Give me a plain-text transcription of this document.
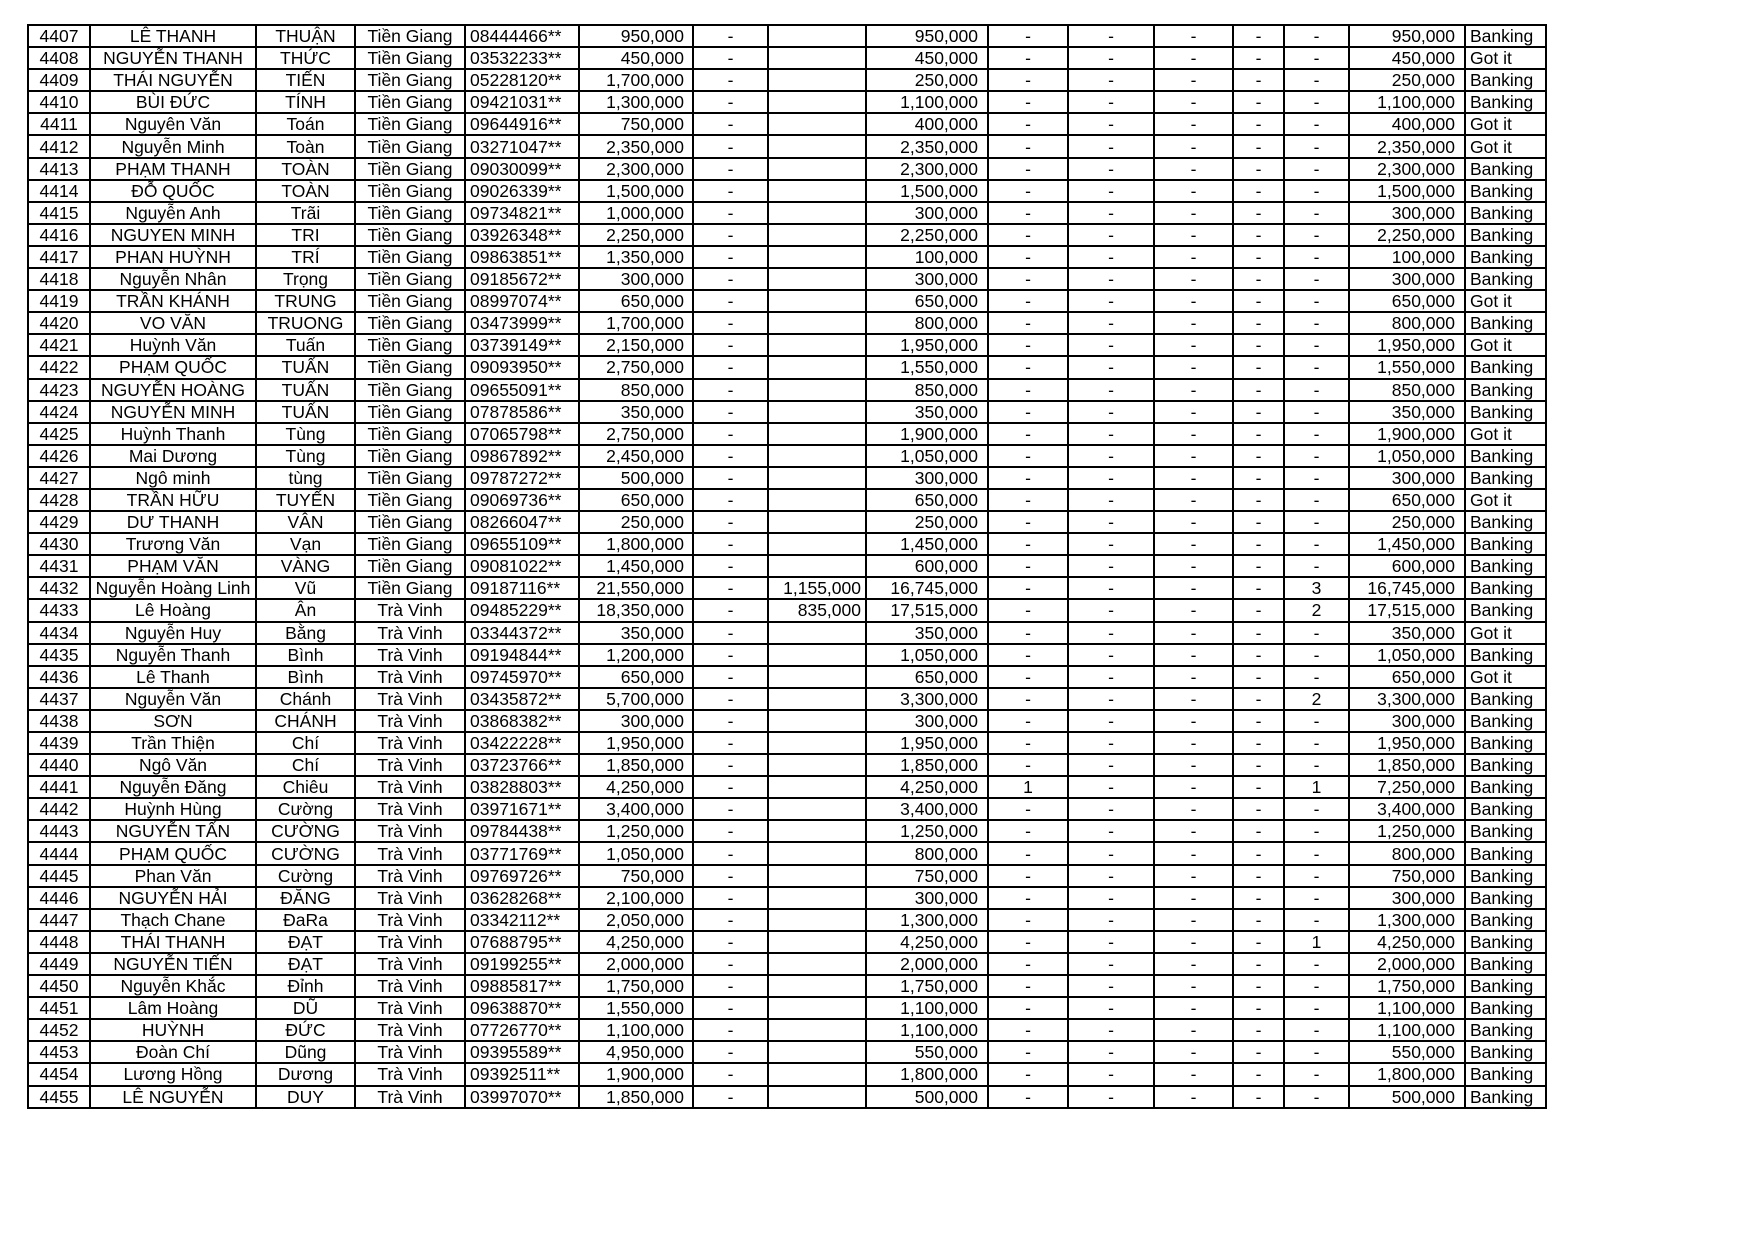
4407	LÊ THANH	THUẬN	Tiền Giang	08444466**	950,000	-		950,000	-	-	-	-	-	950,000	Banking
4408	NGUYỄN THANH	THỨC	Tiền Giang	03532233**	450,000	-		450,000	-	-	-	-	-	450,000	Got it
4409	THÁI NGUYỄN	TIẾN	Tiền Giang	05228120**	1,700,000	-		250,000	-	-	-	-	-	250,000	Banking
4410	BÙI ĐỨC	TÍNH	Tiền Giang	09421031**	1,300,000	-		1,100,000	-	-	-	-	-	1,100,000	Banking
4411	Nguyên Văn	Toán	Tiền Giang	09644916**	750,000	-		400,000	-	-	-	-	-	400,000	Got it
4412	Nguyễn Minh	Toàn	Tiền Giang	03271047**	2,350,000	-		2,350,000	-	-	-	-	-	2,350,000	Got it
4413	PHẠM THANH	TOÀN	Tiền Giang	09030099**	2,300,000	-		2,300,000	-	-	-	-	-	2,300,000	Banking
4414	ĐỖ QUỐC	TOÀN	Tiền Giang	09026339**	1,500,000	-		1,500,000	-	-	-	-	-	1,500,000	Banking
4415	Nguyễn Anh	Trãi	Tiền Giang	09734821**	1,000,000	-		300,000	-	-	-	-	-	300,000	Banking
4416	NGUYEN MINH	TRI	Tiền Giang	03926348**	2,250,000	-		2,250,000	-	-	-	-	-	2,250,000	Banking
4417	PHAN HUỲNH	TRÍ	Tiền Giang	09863851**	1,350,000	-		100,000	-	-	-	-	-	100,000	Banking
4418	Nguyễn Nhân	Trọng	Tiền Giang	09185672**	300,000	-		300,000	-	-	-	-	-	300,000	Banking
4419	TRẦN KHÁNH	TRUNG	Tiền Giang	08997074**	650,000	-		650,000	-	-	-	-	-	650,000	Got it
4420	VO VĂN	TRUONG	Tiền Giang	03473999**	1,700,000	-		800,000	-	-	-	-	-	800,000	Banking
4421	Huỳnh Văn	Tuấn	Tiền Giang	03739149**	2,150,000	-		1,950,000	-	-	-	-	-	1,950,000	Got it
4422	PHẠM QUỐC	TUẤN	Tiền Giang	09093950**	2,750,000	-		1,550,000	-	-	-	-	-	1,550,000	Banking
4423	NGUYỄN HOÀNG	TUẤN	Tiền Giang	09655091**	850,000	-		850,000	-	-	-	-	-	850,000	Banking
4424	NGUYỄN MINH	TUẤN	Tiền Giang	07878586**	350,000	-		350,000	-	-	-	-	-	350,000	Banking
4425	Huỳnh Thanh	Tùng	Tiền Giang	07065798**	2,750,000	-		1,900,000	-	-	-	-	-	1,900,000	Got it
4426	Mai Dương	Tùng	Tiền Giang	09867892**	2,450,000	-		1,050,000	-	-	-	-	-	1,050,000	Banking
4427	Ngô minh	tùng	Tiền Giang	09787272**	500,000	-		300,000	-	-	-	-	-	300,000	Banking
4428	TRẦN HỮU	TUYẾN	Tiền Giang	09069736**	650,000	-		650,000	-	-	-	-	-	650,000	Got it
4429	DƯ THANH	VÂN	Tiền Giang	08266047**	250,000	-		250,000	-	-	-	-	-	250,000	Banking
4430	Trương Văn	Vạn	Tiền Giang	09655109**	1,800,000	-		1,450,000	-	-	-	-	-	1,450,000	Banking
4431	PHẠM VĂN	VÀNG	Tiền Giang	09081022**	1,450,000	-		600,000	-	-	-	-	-	600,000	Banking
4432	Nguyễn Hoàng Linh	Vũ	Tiền Giang	09187116**	21,550,000	-	1,155,000	16,745,000	-	-	-	-	3	16,745,000	Banking
4433	Lê Hoàng	Ân	Trà Vinh	09485229**	18,350,000	-	835,000	17,515,000	-	-	-	-	2	17,515,000	Banking
4434	Nguyễn Huy	Bằng	Trà Vinh	03344372**	350,000	-		350,000	-	-	-	-	-	350,000	Got it
4435	Nguyễn Thanh	Bình	Trà Vinh	09194844**	1,200,000	-		1,050,000	-	-	-	-	-	1,050,000	Banking
4436	Lê Thanh	Bình	Trà Vinh	09745970**	650,000	-		650,000	-	-	-	-	-	650,000	Got it
4437	Nguyễn Văn	Chánh	Trà Vinh	03435872**	5,700,000	-		3,300,000	-	-	-	-	2	3,300,000	Banking
4438	SƠN	CHÁNH	Trà Vinh	03868382**	300,000	-		300,000	-	-	-	-	-	300,000	Banking
4439	Trần Thiện	Chí	Trà Vinh	03422228**	1,950,000	-		1,950,000	-	-	-	-	-	1,950,000	Banking
4440	Ngô Văn	Chí	Trà Vinh	03723766**	1,850,000	-		1,850,000	-	-	-	-	-	1,850,000	Banking
4441	Nguyễn Đăng	Chiêu	Trà Vinh	03828803**	4,250,000	-		4,250,000	1	-	-	-	1	7,250,000	Banking
4442	Huỳnh Hùng	Cường	Trà Vinh	03971671**	3,400,000	-		3,400,000	-	-	-	-	-	3,400,000	Banking
4443	NGUYỄN TẤN	CƯỜNG	Trà Vinh	09784438**	1,250,000	-		1,250,000	-	-	-	-	-	1,250,000	Banking
4444	PHẠM QUỐC	CƯỜNG	Trà Vinh	03771769**	1,050,000	-		800,000	-	-	-	-	-	800,000	Banking
4445	Phan Văn	Cường	Trà Vinh	09769726**	750,000	-		750,000	-	-	-	-	-	750,000	Banking
4446	NGUYỄN HẢI	ĐĂNG	Trà Vinh	03628268**	2,100,000	-		300,000	-	-	-	-	-	300,000	Banking
4447	Thạch Chane	ĐaRa	Trà Vinh	03342112**	2,050,000	-		1,300,000	-	-	-	-	-	1,300,000	Banking
4448	THÁI THANH	ĐẠT	Trà Vinh	07688795**	4,250,000	-		4,250,000	-	-	-	-	1	4,250,000	Banking
4449	NGUYỄN TIẾN	ĐẠT	Trà Vinh	09199255**	2,000,000	-		2,000,000	-	-	-	-	-	2,000,000	Banking
4450	Nguyễn Khắc	Đỉnh	Trà Vinh	09885817**	1,750,000	-		1,750,000	-	-	-	-	-	1,750,000	Banking
4451	Lâm Hoàng	DŨ	Trà Vinh	09638870**	1,550,000	-		1,100,000	-	-	-	-	-	1,100,000	Banking
4452	HUỲNH	ĐỨC	Trà Vinh	07726770**	1,100,000	-		1,100,000	-	-	-	-	-	1,100,000	Banking
4453	Đoàn Chí	Dũng	Trà Vinh	09395589**	4,950,000	-		550,000	-	-	-	-	-	550,000	Banking
4454	Lương Hồng	Dương	Trà Vinh	09392511**	1,900,000	-		1,800,000	-	-	-	-	-	1,800,000	Banking
4455	LÊ NGUYỄN	DUY	Trà Vinh	03997070**	1,850,000	-		500,000	-	-	-	-	-	500,000	Banking
